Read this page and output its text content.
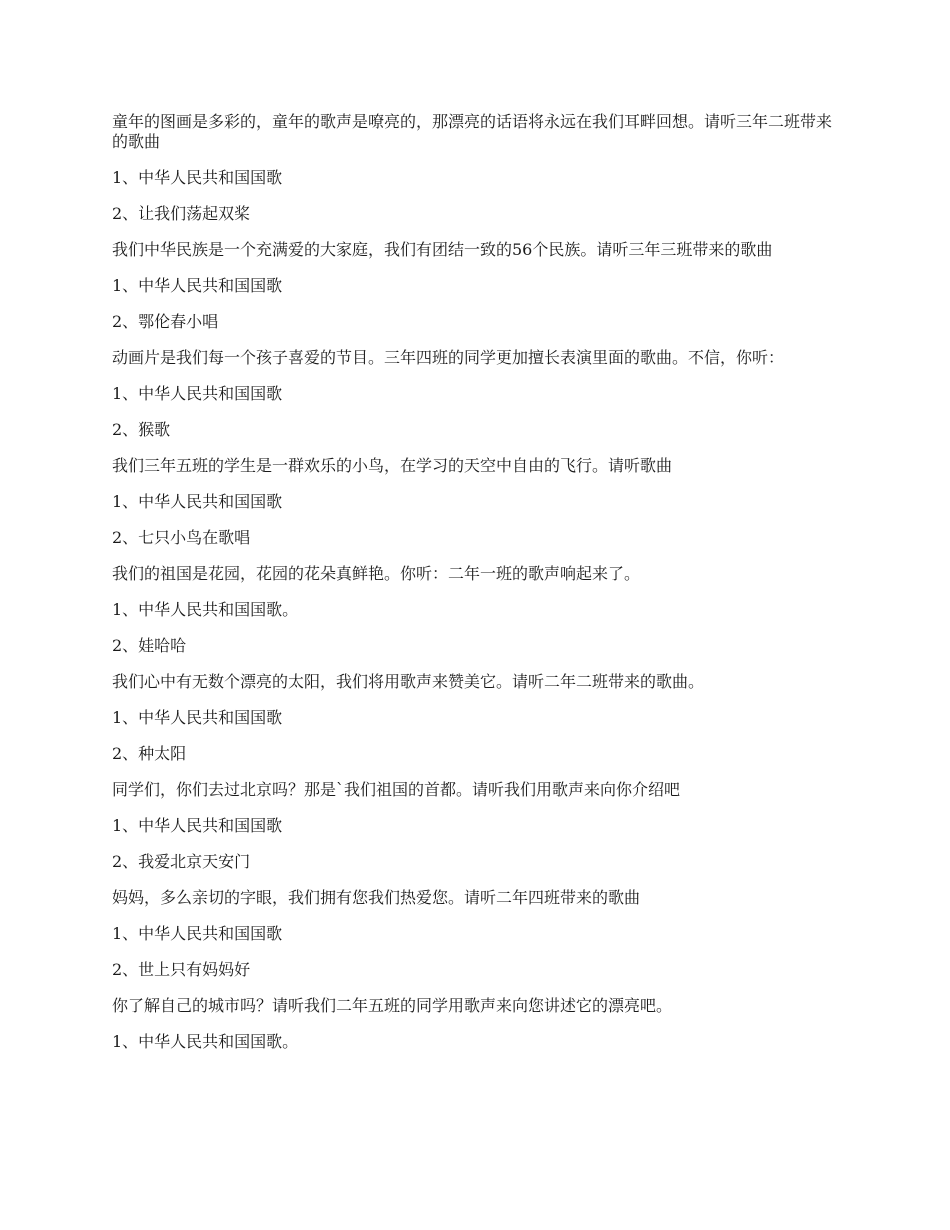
童年的图画是多彩的，童年的歌声是嘹亮的，那漂亮的话语将永远在我们耳畔回想。请听三年二班带来的歌曲

1、中华人民共和国国歌

2、让我们荡起双桨

我们中华民族是一个充满爱的大家庭，我们有团结一致的56个民族。请听三年三班带来的歌曲

1、中华人民共和国国歌

2、鄂伦春小唱

动画片是我们每一个孩子喜爱的节目。三年四班的同学更加擅长表演里面的歌曲。不信，你听：

1、中华人民共和国国歌

2、猴歌

我们三年五班的学生是一群欢乐的小鸟，在学习的天空中自由的飞行。请听歌曲

1、中华人民共和国国歌

2、七只小鸟在歌唱

我们的祖国是花园，花园的花朵真鲜艳。你听：二年一班的歌声响起来了。

1、中华人民共和国国歌。

2、娃哈哈

我们心中有无数个漂亮的太阳，我们将用歌声来赞美它。请听二年二班带来的歌曲。

1、中华人民共和国国歌

2、种太阳

同学们，你们去过北京吗？那是`我们祖国的首都。请听我们用歌声来向你介绍吧

1、中华人民共和国国歌

2、我爱北京天安门

妈妈，多么亲切的字眼，我们拥有您我们热爱您。请听二年四班带来的歌曲

1、中华人民共和国国歌

2、世上只有妈妈好

你了解自己的城市吗？请听我们二年五班的同学用歌声来向您讲述它的漂亮吧。

1、中华人民共和国国歌。
